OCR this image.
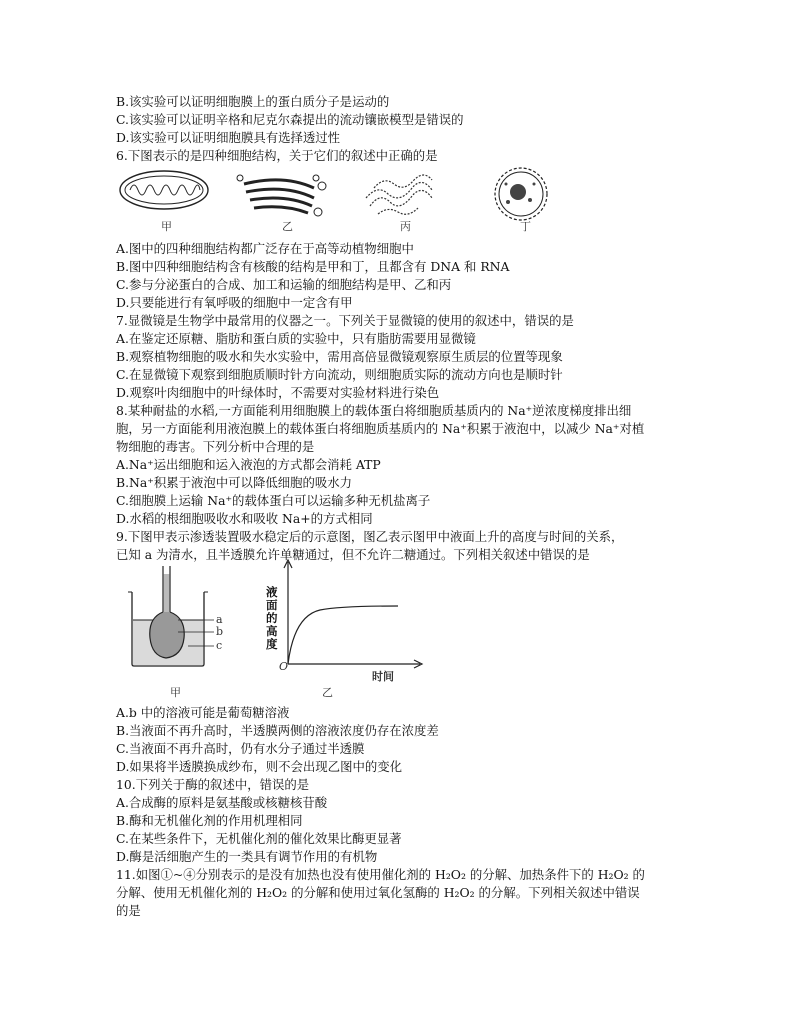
B.该实验可以证明细胞膜上的蛋白质分子是运动的
C.该实验可以证明辛格和尼克尔森提出的流动镶嵌模型是错误的
D.该实验可以证明细胞膜具有选择透过性
6.下图表示的是四种细胞结构，关于它们的叙述中正确的是
甲	乙	丙	丁
A.图中的四种细胞结构都广泛存在于高等动植物细胞中
B.图中四种细胞结构含有核酸的结构是甲和丁，且都含有 DNA 和 RNA
C.参与分泌蛋白的合成、加工和运输的细胞结构是甲、乙和丙
D.只要能进行有氧呼吸的细胞中一定含有甲
7.显微镜是生物学中最常用的仪器之一。下列关于显微镜的使用的叙述中，错误的是
A.在鉴定还原糖、脂肪和蛋白质的实验中，只有脂肪需要用显微镜
B.观察植物细胞的吸水和失水实验中，需用高倍显微镜观察原生质层的位置等现象
C.在显微镜下观察到细胞质顺时针方向流动，则细胞质实际的流动方向也是顺时针
D.观察叶肉细胞中的叶绿体时，不需要对实验材料进行染色
8.某种耐盐的水稻,一方面能利用细胞膜上的载体蛋白将细胞质基质内的 Na⁺逆浓度梯度排出细
胞，另一方面能利用液泡膜上的载体蛋白将细胞质基质内的 Na⁺积累于液泡中，以减少 Na⁺对植
物细胞的毒害。下列分析中合理的是
A.Na⁺运出细胞和运入液泡的方式都会消耗 ATP
B.Na⁺积累于液泡中可以降低细胞的吸水力
C.细胞膜上运输 Na⁺的载体蛋白可以运输多种无机盐离子
D.水稻的根细胞吸收水和吸收 Na+的方式相同
9.下图甲表示渗透装置吸水稳定后的示意图，图乙表示图甲中液面上升的高度与时间的关系，
已知 a 为清水，且半透膜允许单糖通过，但不允许二糖通过。下列相关叙述中错误的是
a
b
c
甲
液面的高度
O
时间
乙
A.b 中的溶液可能是葡萄糖溶液
B.当液面不再升高时，半透膜两侧的溶液浓度仍存在浓度差
C.当液面不再升高时，仍有水分子通过半透膜
D.如果将半透膜换成纱布，则不会出现乙图中的变化
10.下列关于酶的叙述中，错误的是
A.合成酶的原料是氨基酸或核糖核苷酸
B.酶和无机催化剂的作用机理相同
C.在某些条件下，无机催化剂的催化效果比酶更显著
D.酶是活细胞产生的一类具有调节作用的有机物
11.如图①~④分别表示的是没有加热也没有使用催化剂的 H₂O₂ 的分解、加热条件下的 H₂O₂ 的
分解、使用无机催化剂的 H₂O₂ 的分解和使用过氧化氢酶的 H₂O₂ 的分解。下列相关叙述中错误
的是
